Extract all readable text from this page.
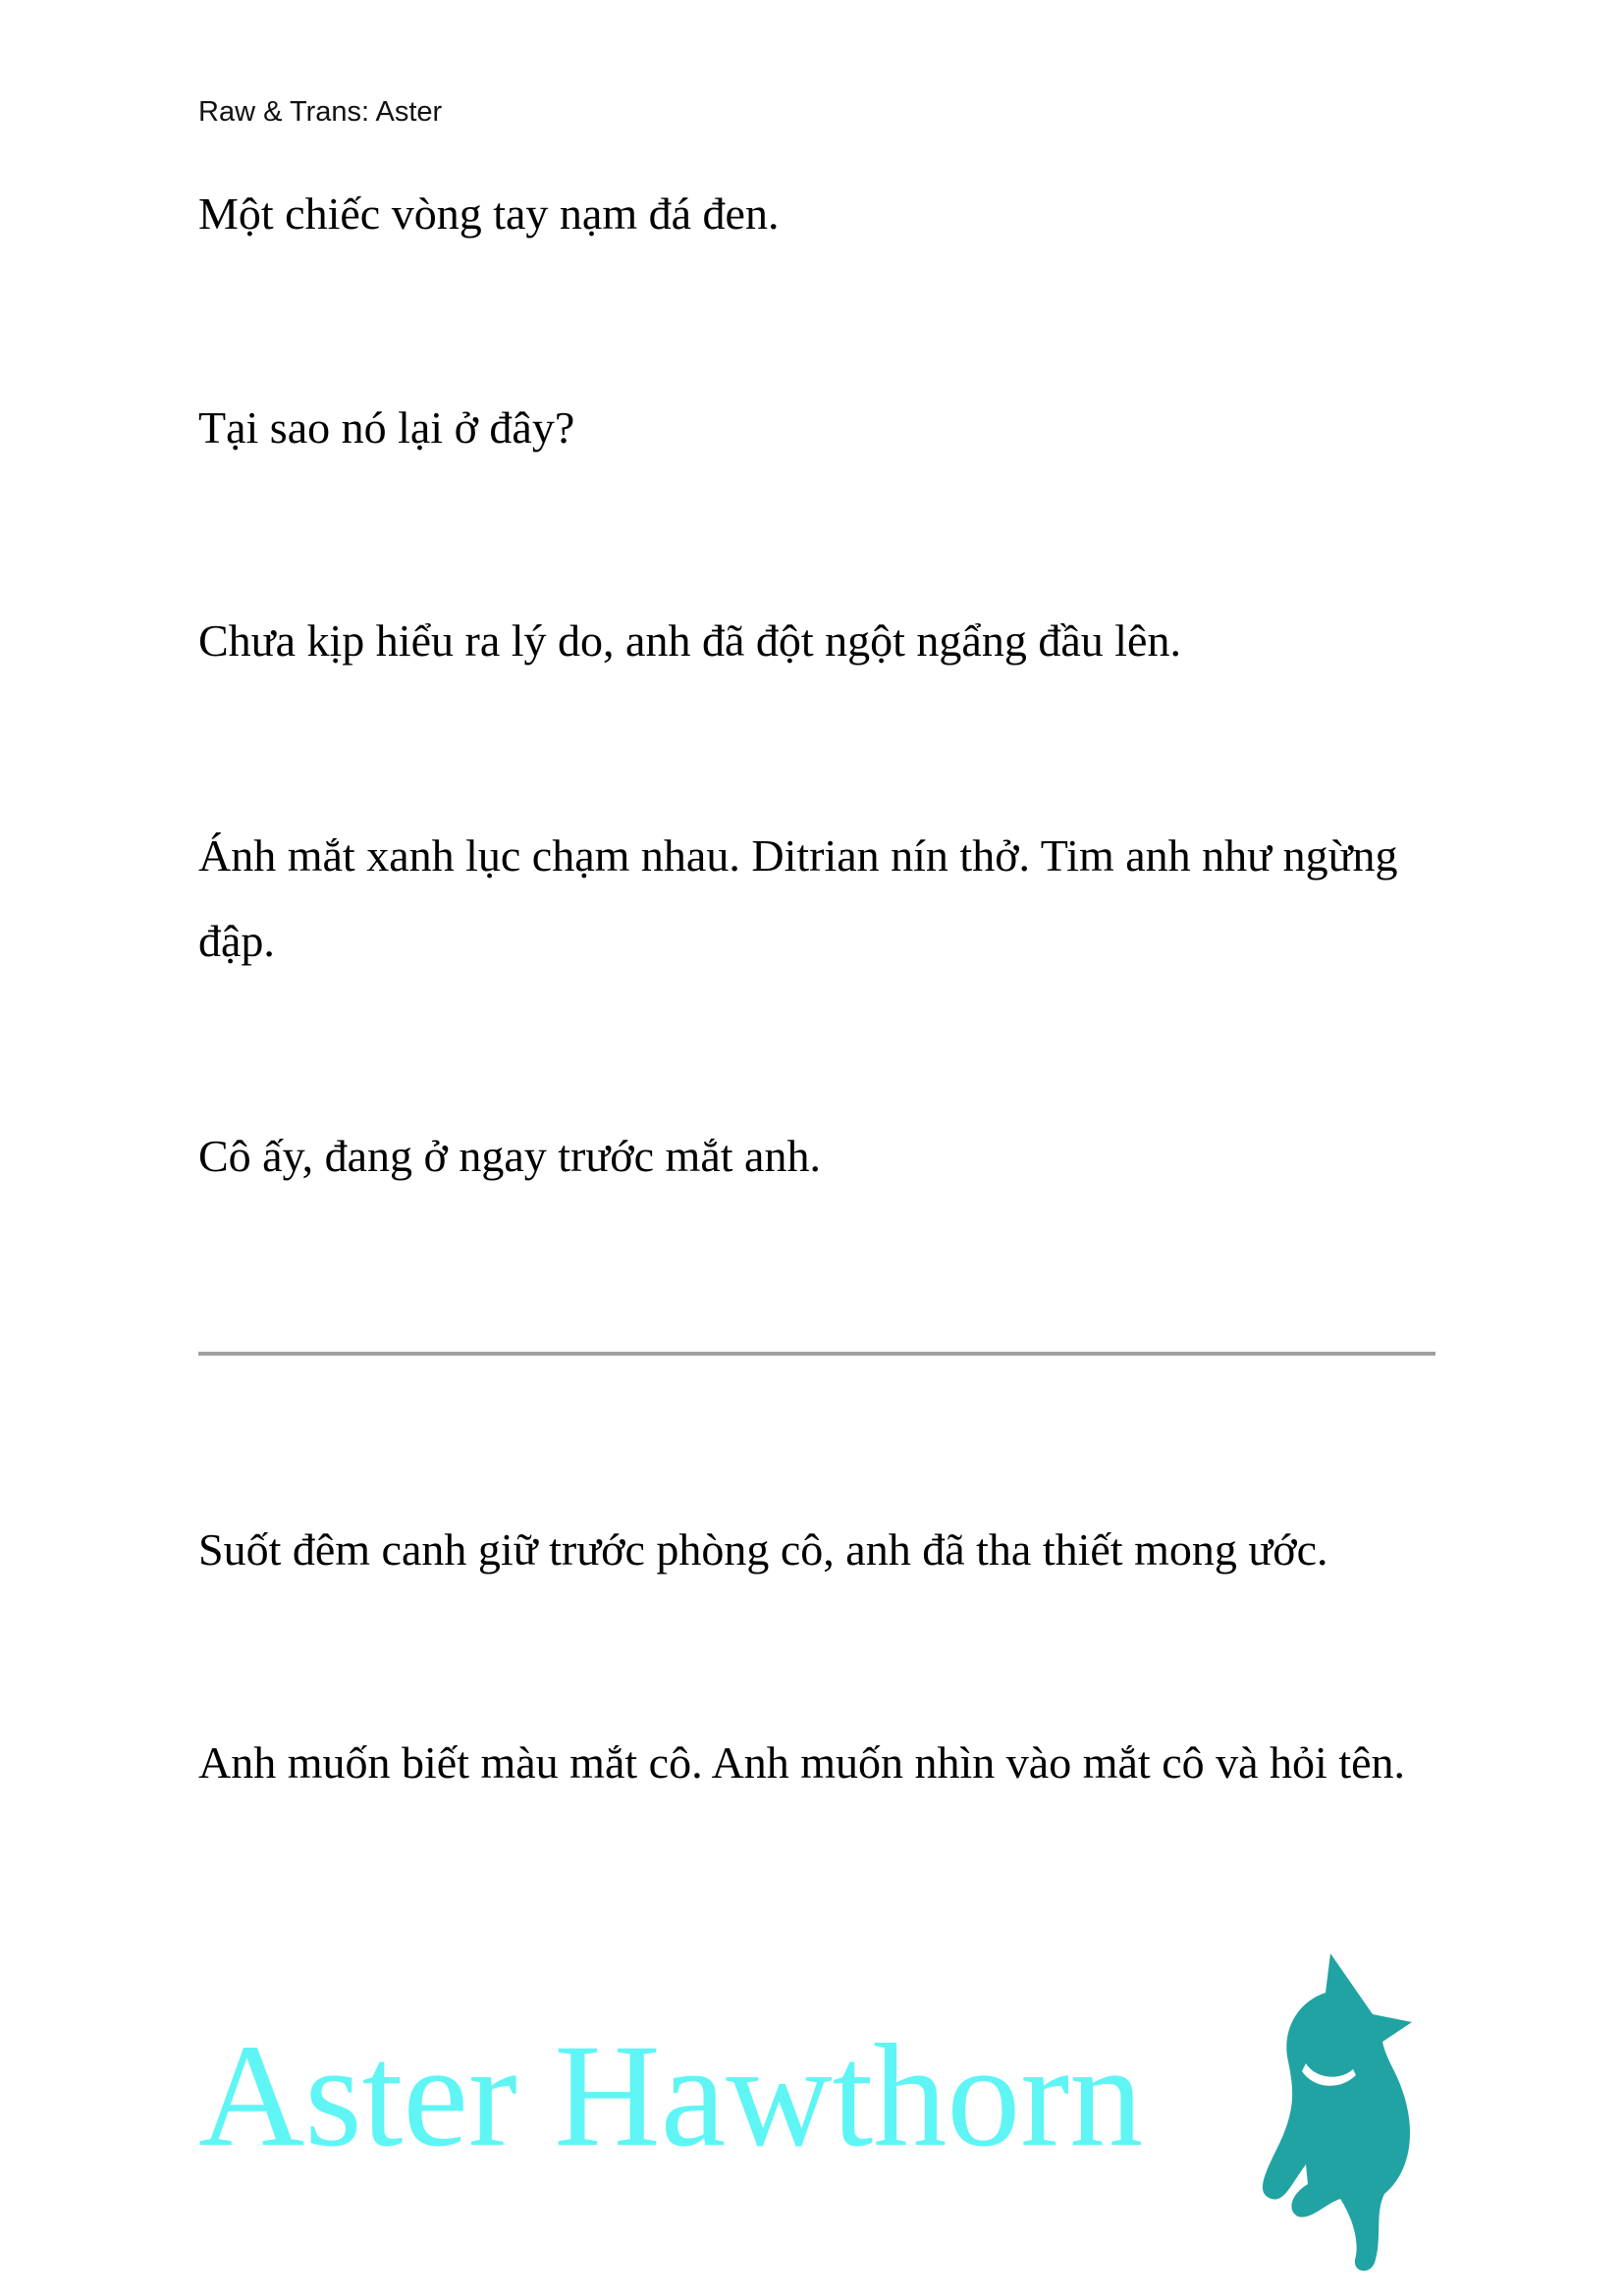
Raw & Trans: Aster
Một chiếc vòng tay nạm đá đen.
Tại sao nó lại ở đây?
Chưa kịp hiểu ra lý do, anh đã đột ngột ngẩng đầu lên.
Ánh mắt xanh lục chạm nhau. Ditrian nín thở. Tim anh như ngừng đập.
Cô ấy, đang ở ngay trước mắt anh.
Suốt đêm canh giữ trước phòng cô, anh đã tha thiết mong ước.
Anh muốn biết màu mắt cô. Anh muốn nhìn vào mắt cô và hỏi tên.
Aster Hawthorn
